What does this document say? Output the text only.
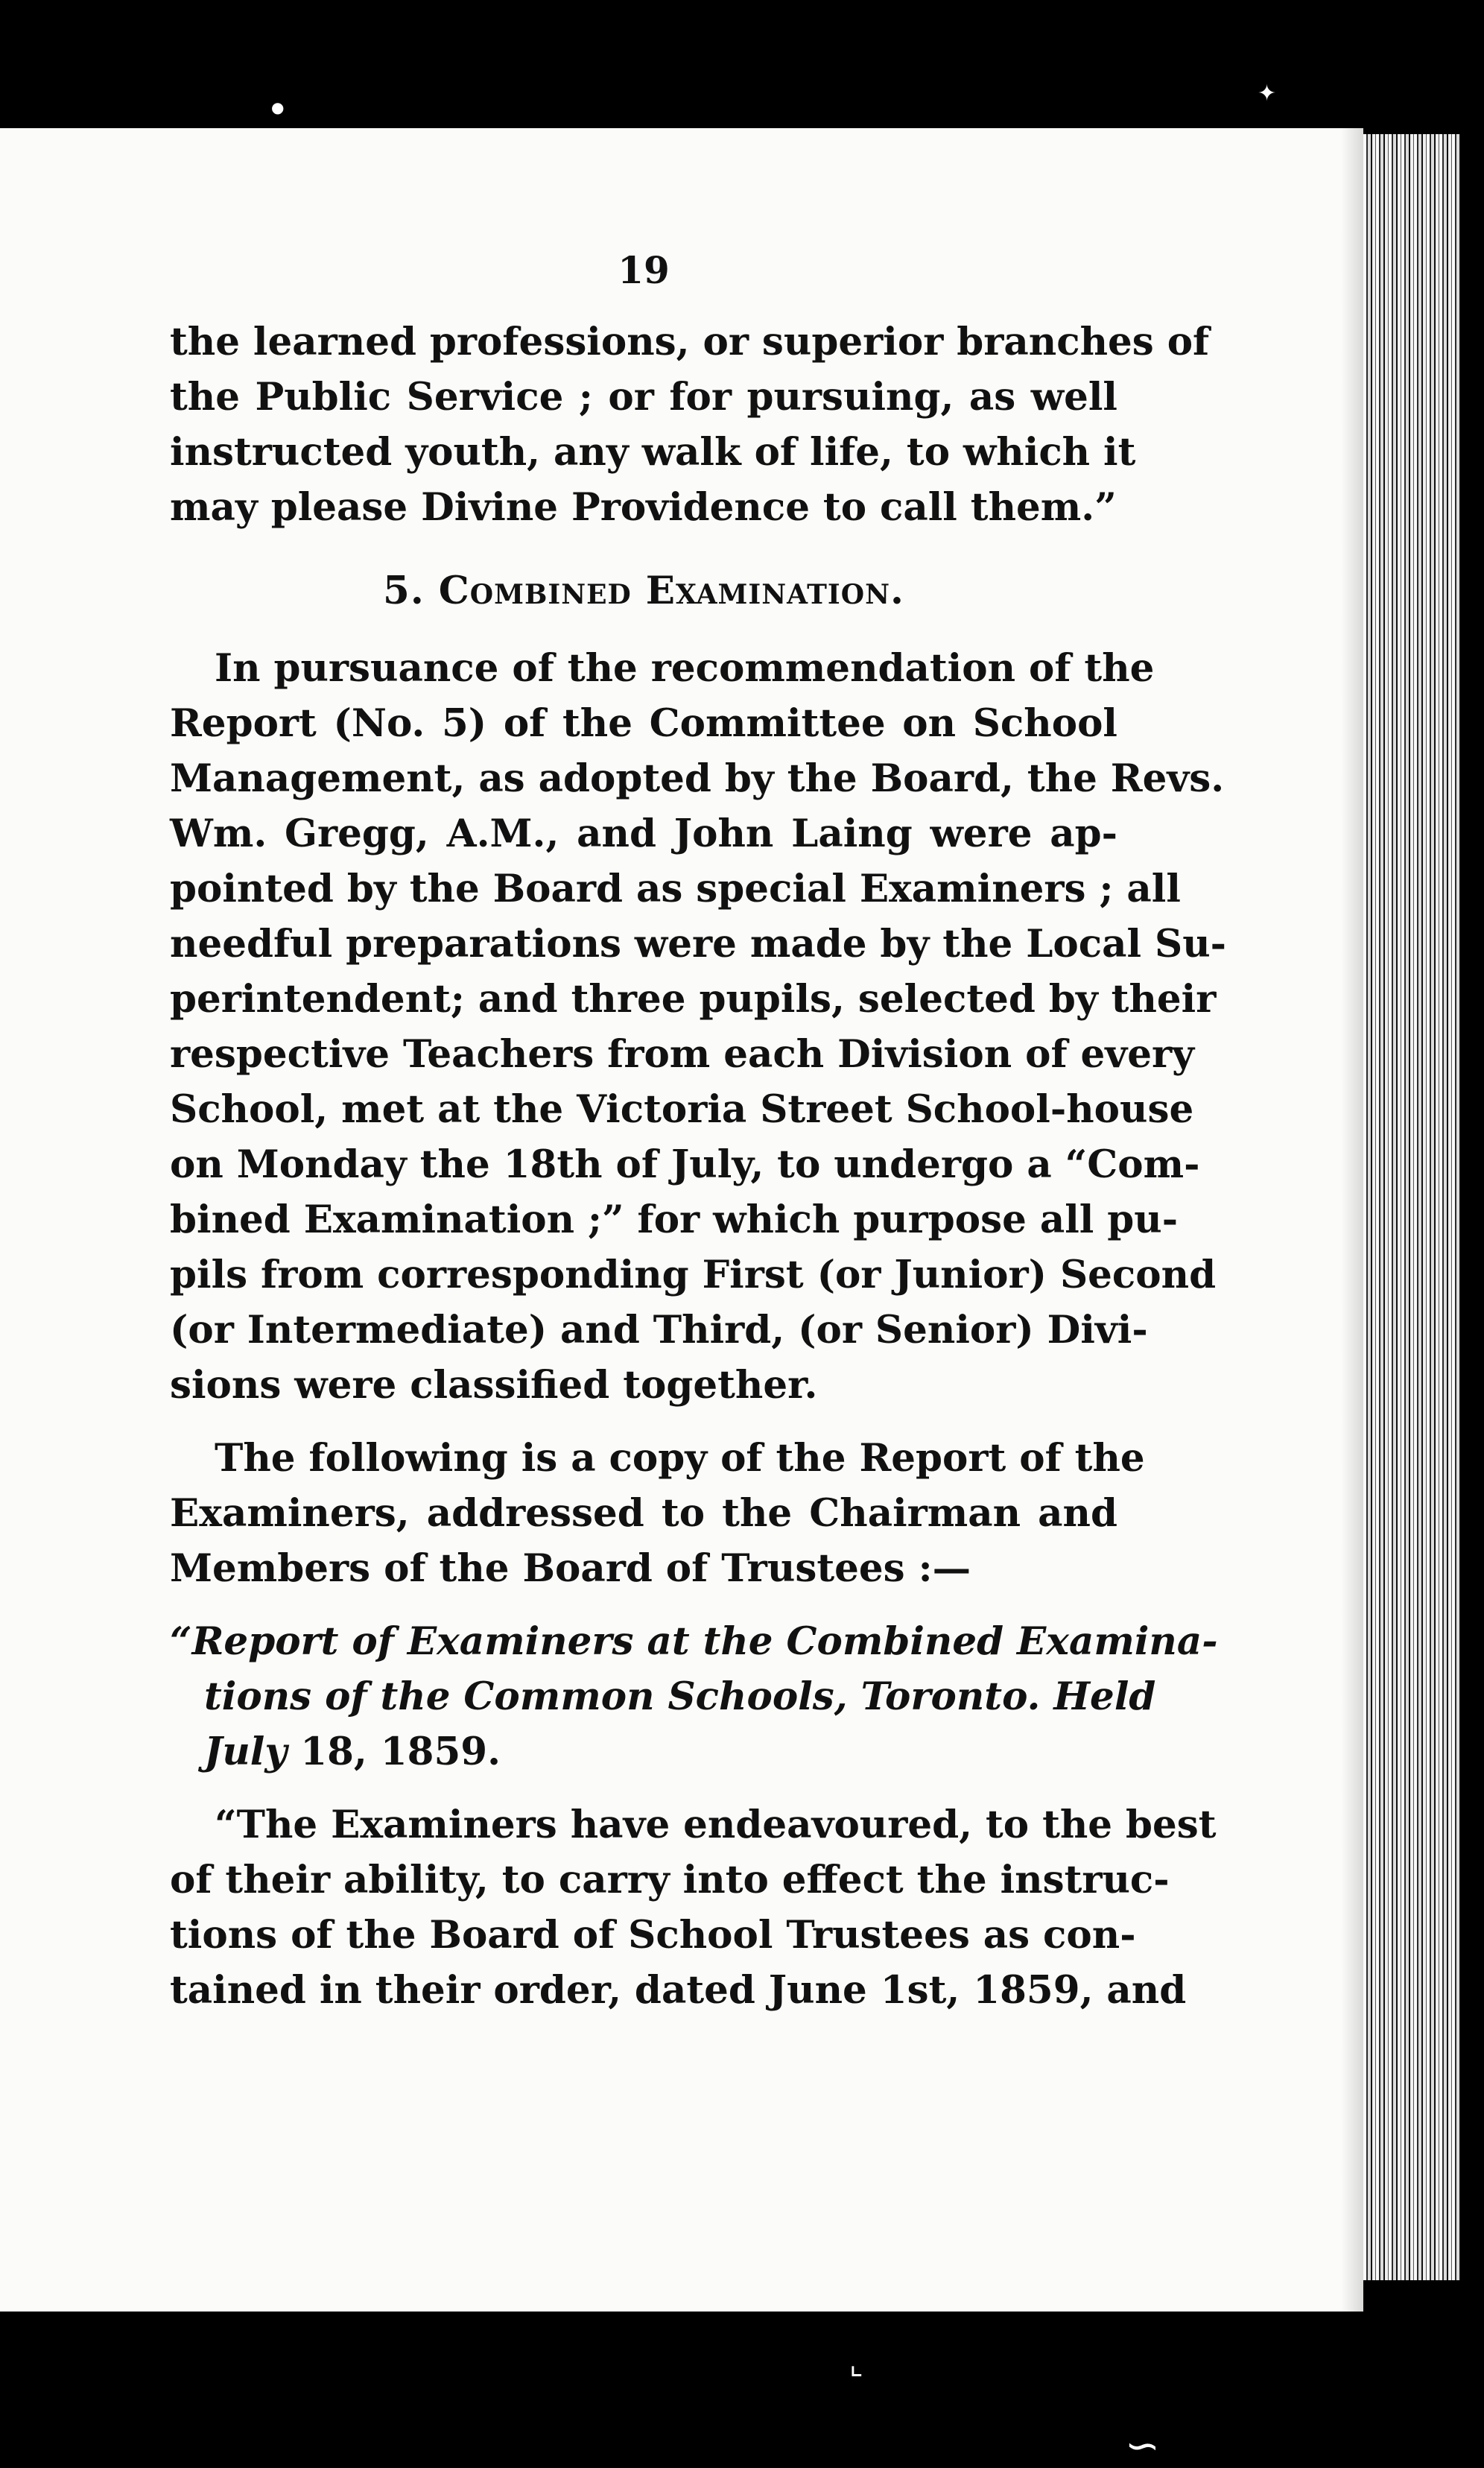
19

the learned professions, or superior branches of
the Public Service ; or for pursuing, as well
instructed youth, any walk of life, to which it
may please Divine Providence to call them.”

5. Combined Examination.

In pursuance of the recommendation of the
Report (No. 5) of the Committee on School
Management, as adopted by the Board, the Revs.
Wm. Gregg, A.M., and John Laing were ap-
pointed by the Board as special Examiners ; all
needful preparations were made by the Local Su-
perintendent; and three pupils, selected by their
respective Teachers from each Division of every
School, met at the Victoria Street School-house
on Monday the 18th of July, to undergo a “Com-
bined Examination ;” for which purpose all pu-
pils from corresponding First (or Junior) Second
(or Intermediate) and Third, (or Senior) Divi-
sions were classified together.

The following is a copy of the Report of the
Examiners, addressed to the Chairman and
Members of the Board of Trustees :—

“Report of Examiners at the Combined Examina-
tions of the Common Schools, Toronto. Held
July 18, 1859.

“The Examiners have endeavoured, to the best
of their ability, to carry into effect the instruc-
tions of the Board of School Trustees as con-
tained in their order, dated June 1st, 1859, and

✦
●
⌞
∽
